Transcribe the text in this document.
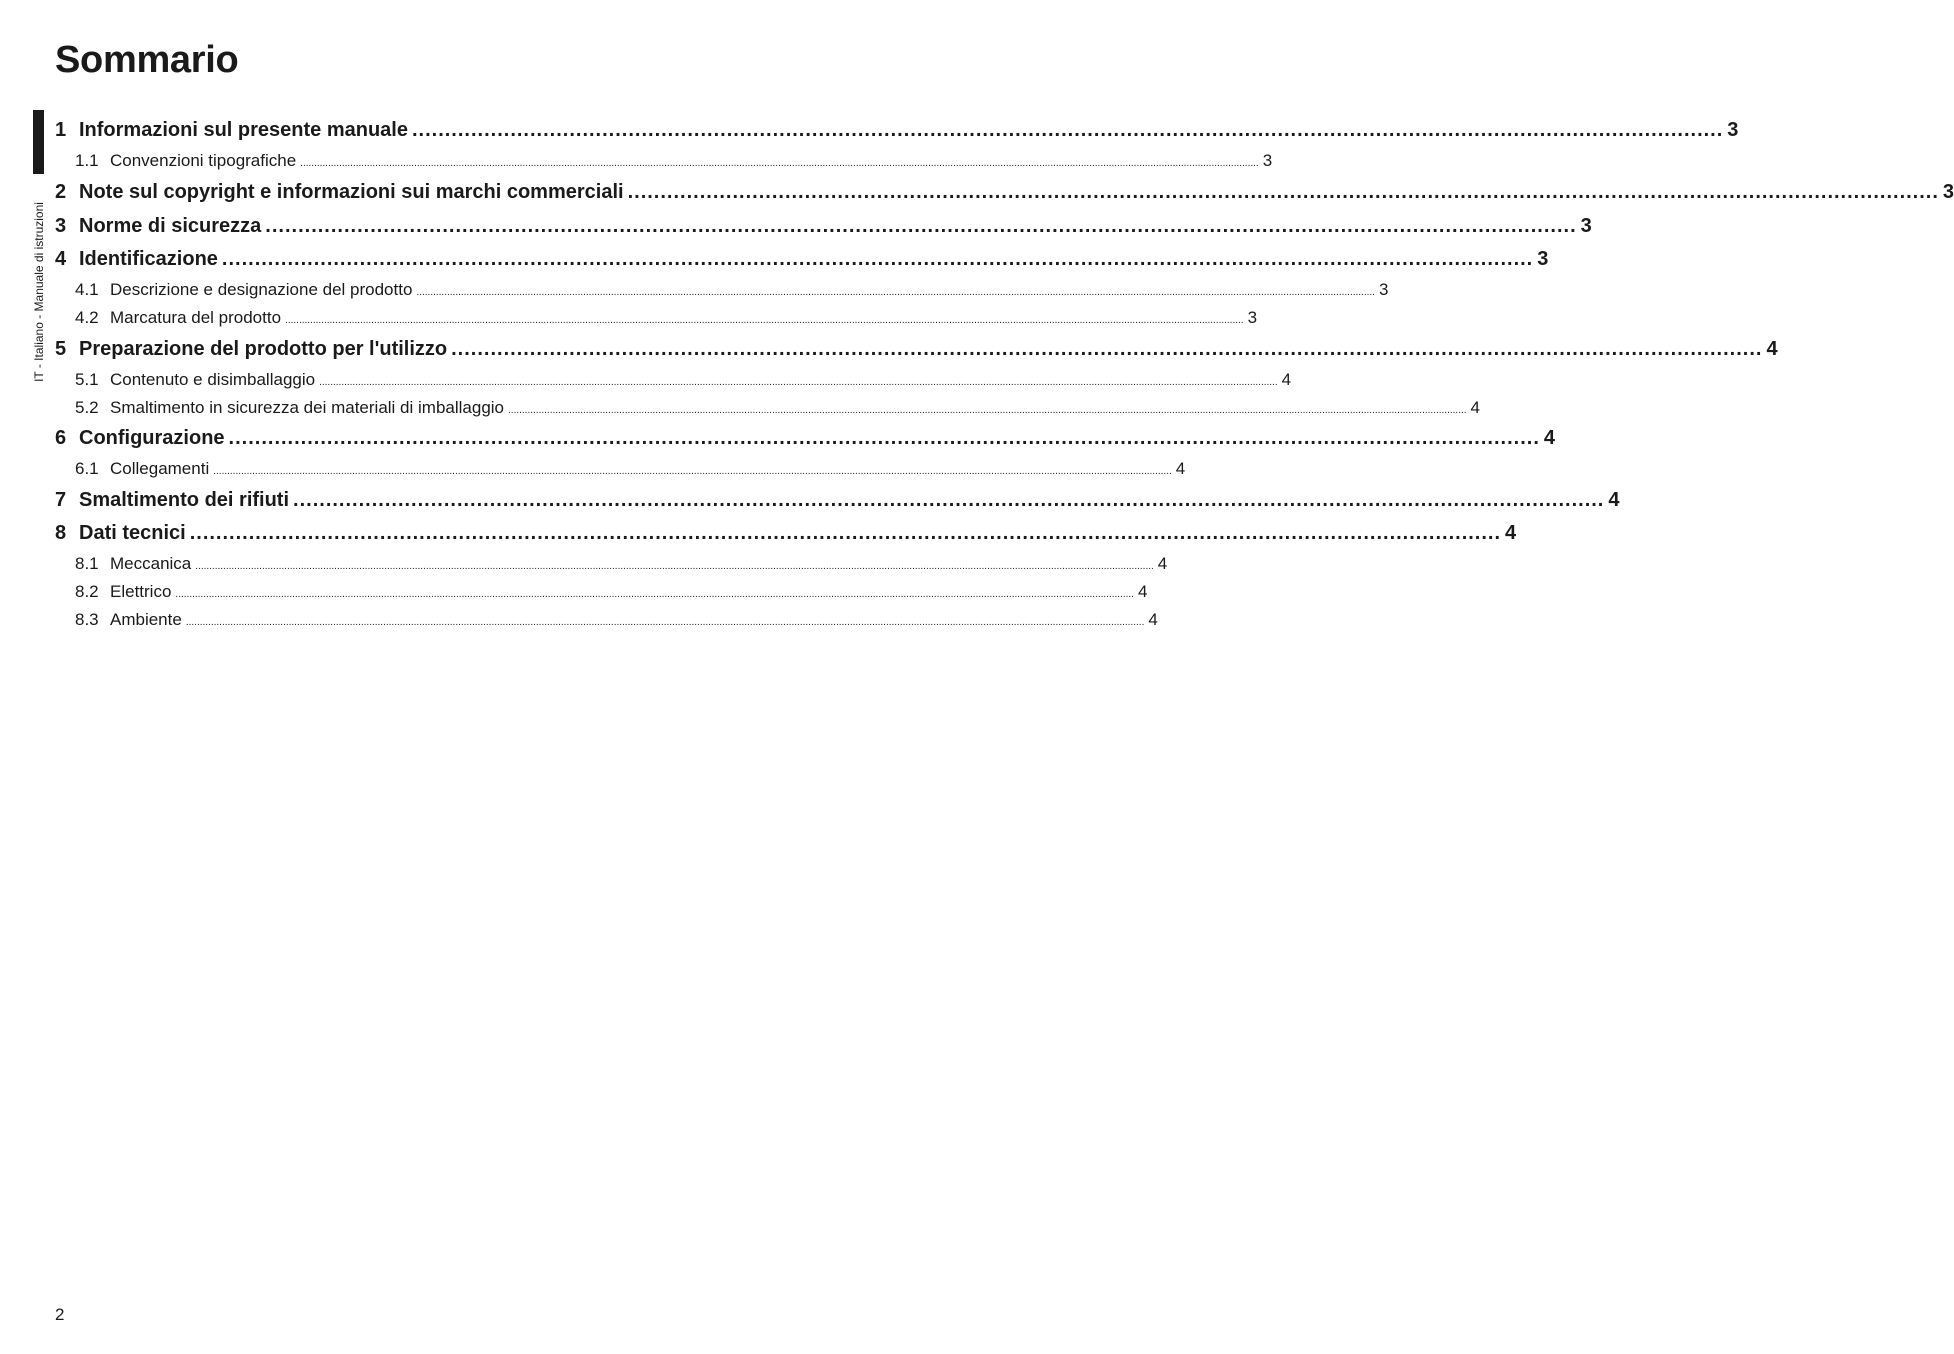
Sommario
IT - Italiano - Manuale di istruzioni
1 Informazioni sul presente manuale ........................................................................................................................................................................................................ 3
1.1 Convenzioni tipografiche ......................................................................................................................................................................................................................................................................................................................................................... 3
2 Note sul copyright e informazioni sui marchi commerciali ........................................................................................................................................................................................................ 3
3 Norme di sicurezza ........................................................................................................................................................................................................ 3
4 Identificazione ........................................................................................................................................................................................................ 3
4.1 Descrizione e designazione del prodotto ......................................................................................................................................................................................................................................................................................................................................................... 3
4.2 Marcatura del prodotto ......................................................................................................................................................................................................................................................................................................................................................... 3
5 Preparazione del prodotto per l'utilizzo ........................................................................................................................................................................................................ 4
5.1 Contenuto e disimballaggio ......................................................................................................................................................................................................................................................................................................................................................... 4
5.2 Smaltimento in sicurezza dei materiali di imballaggio ......................................................................................................................................................................................................................................................................................................................................................... 4
6 Configurazione ........................................................................................................................................................................................................ 4
6.1 Collegamenti ......................................................................................................................................................................................................................................................................................................................................................... 4
7 Smaltimento dei rifiuti ........................................................................................................................................................................................................ 4
8 Dati tecnici ........................................................................................................................................................................................................ 4
8.1 Meccanica ......................................................................................................................................................................................................................................................................................................................................................... 4
8.2 Elettrico ......................................................................................................................................................................................................................................................................................................................................................... 4
8.3 Ambiente ......................................................................................................................................................................................................................................................................................................................................................... 4
2
